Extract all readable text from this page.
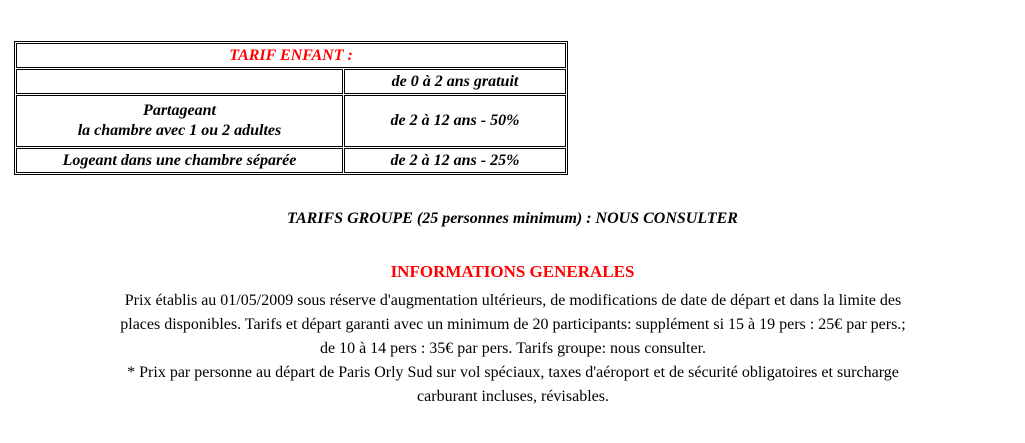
TARIF ENFANT :	
	de 0 à 2 ans gratuit

Partageant
la chambre avec 1 ou 2 adultes	de 2 à 12 ans - 50%
Logeant dans une chambre séparée	de 2 à 12 ans - 25%
TARIFS GROUPE (25 personnes minimum) : NOUS CONSULTER
INFORMATIONS GENERALES
Prix établis au 01/05/2009 sous réserve d'augmentation ultérieurs, de modifications de date de départ et dans la limite des
places disponibles. Tarifs et départ garanti avec un minimum de 20 participants: supplément si 15 à 19 pers : 25€ par pers.;
de 10 à 14 pers : 35€ par pers. Tarifs groupe: nous consulter.
* Prix par personne au départ de Paris Orly Sud sur vol spéciaux, taxes d'aéroport et de sécurité obligatoires et surcharge
carburant incluses, révisables.
